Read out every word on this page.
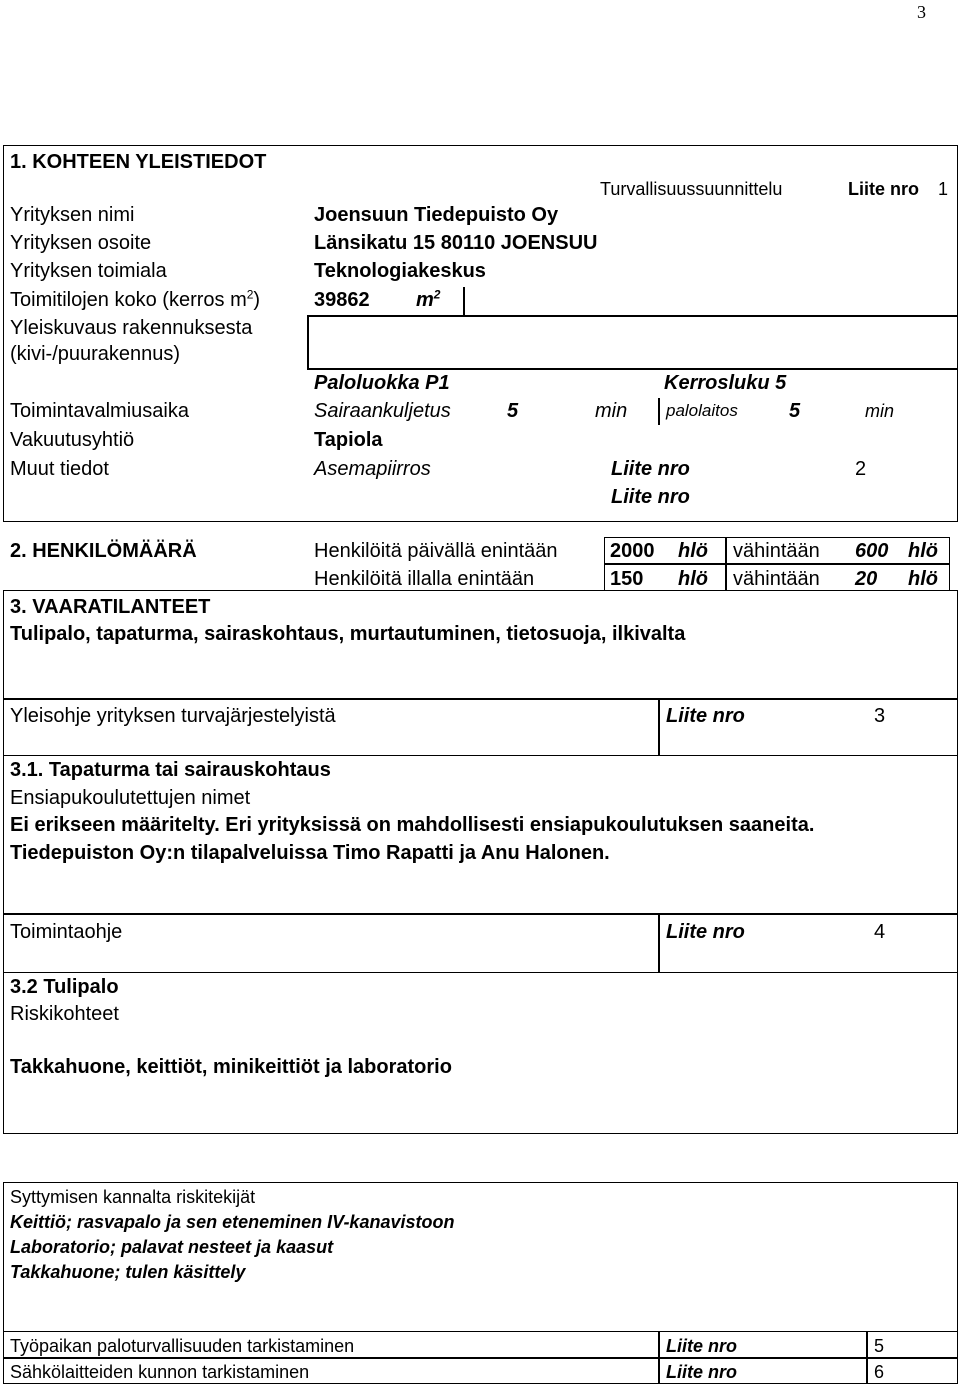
3
1. KOHTEEN YLEISTIEDOT
Turvallisuussuunnittelu	Liite nro 1
Yrityksen nimi	Joensuun Tiedepuisto Oy
Yrityksen osoite	Länsikatu 15 80110 JOENSUU
Yrityksen toimiala	Teknologiakeskus
Toimitilojen koko (kerros $m^2$)	39862 $m^2$
Yleiskuvaus rakennuksesta
(kivi-/puurakennus)
Paloluokka P1	Kerrosluku 5
Toimintavalmiusaika	Sairaankuljetus	5	min palolaitos	5	min
Vakuutusyhtiö	Tapiola
Muut tiedot	Asemapiirros	Liite nro	2
Liite nro
2. HENKILÖMÄÄRÄ	Henkilöitä päivällä enintään	2000 hlö vähintään 600 hlö
Henkilöitä illalla enintään	150 hlö vähintään 20 hlö
3. VAARATILANTEET
Tulipalo, tapaturma, sairaskohtaus, murtautuminen, tietosuoja, ilkivalta
Yleisohje yrityksen turvajärjestelyistä	Liite nro	3
3.1. Tapaturma tai sairauskohtaus
Ensiapukoulutettujen nimet
Ei erikseen määritelty. Eri yrityksissä on mahdollisesti ensiapukoulutuksen saaneita.
Tiedepuiston Oy:n tilapalveluissa Timo Rapatti ja Anu Halonen.
Toimintaohje	Liite nro	4
3.2 Tulipalo
Riskikohteet
Takkahuone, keittiöt, minikeittiöt ja laboratorio
Syttymisen kannalta riskitekijät
Keittiö; rasvapalo ja sen eteneminen IV-kanavistoon
Laboratorio; palavat nesteet ja kaasut
Takkahuone; tulen käsittely
Työpaikan paloturvallisuuden tarkistaminen	Liite nro	5
Sähkölaitteiden kunnon tarkistaminen	Liite nro	6
